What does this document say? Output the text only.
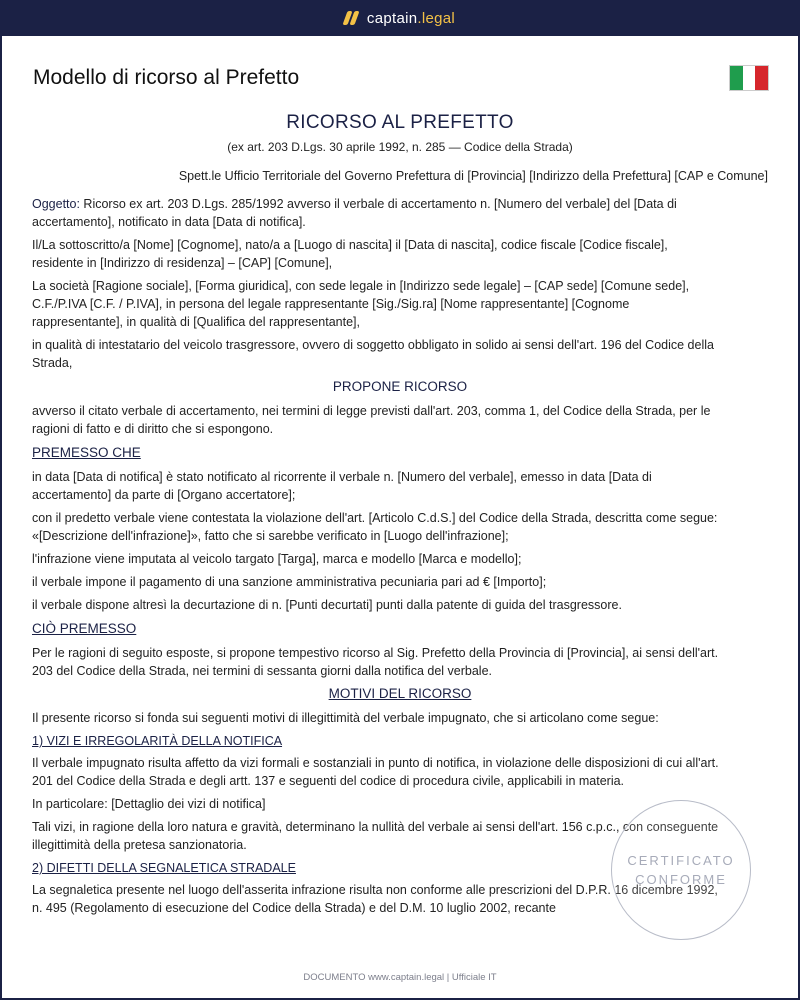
captain.legal
Modello di ricorso al Prefetto
RICORSO AL PREFETTO
(ex art. 203 D.Lgs. 30 aprile 1992, n. 285 — Codice della Strada)
Spett.le Ufficio Territoriale del Governo Prefettura di [Provincia] [Indirizzo della Prefettura] [CAP e Comune]

Oggetto: Ricorso ex art. 203 D.Lgs. 285/1992 avverso il verbale di accertamento n. [Numero del verbale] del [Data di accertamento], notificato in data [Data di notifica].

Il/La sottoscritto/a [Nome] [Cognome], nato/a a [Luogo di nascita] il [Data di nascita], codice fiscale [Codice fiscale], residente in [Indirizzo di residenza] – [CAP] [Comune],

La società [Ragione sociale], [Forma giuridica], con sede legale in [Indirizzo sede legale] – [CAP sede] [Comune sede], C.F./P.IVA [C.F. / P.IVA], in persona del legale rappresentante [Sig./Sig.ra] [Nome rappresentante] [Cognome rappresentante], in qualità di [Qualifica del rappresentante],

in qualità di intestatario del veicolo trasgressore, ovvero di soggetto obbligato in solido ai sensi dell'art. 196 del Codice della Strada,

PROPONE RICORSO

avverso il citato verbale di accertamento, nei termini di legge previsti dall'art. 203, comma 1, del Codice della Strada, per le ragioni di fatto e di diritto che si espongono.

PREMESSO CHE

in data [Data di notifica] è stato notificato al ricorrente il verbale n. [Numero del verbale], emesso in data [Data di accertamento] da parte di [Organo accertatore];

con il predetto verbale viene contestata la violazione dell'art. [Articolo C.d.S.] del Codice della Strada, descritta come segue: «[Descrizione dell'infrazione]», fatto che si sarebbe verificato in [Luogo dell'infrazione];

l'infrazione viene imputata al veicolo targato [Targa], marca e modello [Marca e modello];

il verbale impone il pagamento di una sanzione amministrativa pecuniaria pari ad € [Importo];

il verbale dispone altresì la decurtazione di n. [Punti decurtati] punti dalla patente di guida del trasgressore.

CIÒ PREMESSO

Per le ragioni di seguito esposte, si propone tempestivo ricorso al Sig. Prefetto della Provincia di [Provincia], ai sensi dell'art. 203 del Codice della Strada, nei termini di sessanta giorni dalla notifica del verbale.

MOTIVI DEL RICORSO

Il presente ricorso si fonda sui seguenti motivi di illegittimità del verbale impugnato, che si articolano come segue:

1) VIZI E IRREGOLARITÀ DELLA NOTIFICA

Il verbale impugnato risulta affetto da vizi formali e sostanziali in punto di notifica, in violazione delle disposizioni di cui all'art. 201 del Codice della Strada e degli artt. 137 e seguenti del codice di procedura civile, applicabili in materia.

In particolare: [Dettaglio dei vizi di notifica]

Tali vizi, in ragione della loro natura e gravità, determinano la nullità del verbale ai sensi dell'art. 156 c.p.c., con conseguente illegittimità della pretesa sanzionatoria.

2) DIFETTI DELLA SEGNALETICA STRADALE

La segnaletica presente nel luogo dell'asserita infrazione risulta non conforme alle prescrizioni del D.P.R. 16 dicembre 1992, n. 495 (Regolamento di esecuzione del Codice della Strada) e del D.M. 10 luglio 2002, recante

CERTIFICATO
CONFORME
DOCUMENTO www.captain.legal | Ufficiale IT
